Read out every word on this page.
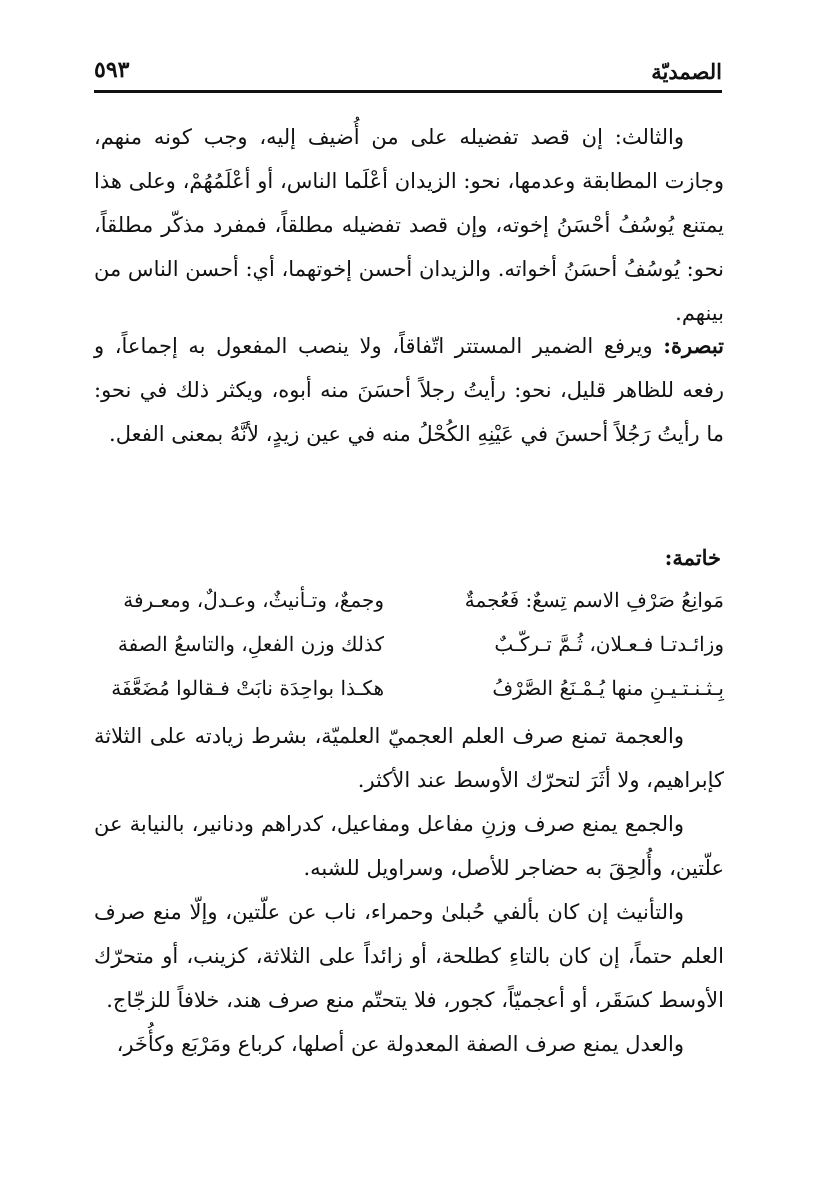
الصمديّة
٥٩٣

والثالث: إن قصد تفضيله على من أُضيف إليه، وجب كونه منهم، وجازت المطابقة وعدمها، نحو: الزيدان أعْلَما الناس، أو أعْلَمُهُمْ، وعلى هذا يمتنع يُوسُفُ أحْسَنُ إخوته، وإن قصد تفضيله مطلقاً، فمفرد مذكّر مطلقاً، نحو: يُوسُفُ أحسَنُ أخواته. والزيدان أحسن إخوتهما، أي: أحسن الناس من بينهم.

تبصرة: ويرفع الضمير المستتر اتّفاقاً، ولا ينصب المفعول به إجماعاً، و رفعه للظاهر قليل، نحو: رأيتُ رجلاً أحسَنَ منه أبوه، ويكثر ذلك في نحو: ما رأيتُ رَجُلاً أحسنَ في عَيْنِهِ الكُحْلُ منه في عين زيدٍ، لأنَّهُ بمعنى الفعل.

خاتمة:
مَوانِعُ صَرْفِ الاسم تِسعٌ: فَعُجمةٌ
وجمعٌ، وتـأنيثٌ، وعـدلٌ، ومعـرفة
وزائـدتـا فـعـلان، ثُـمَّ تـركّـبٌ
كذلك وزن الفعلِ، والتاسعُ الصفة
بِـثـنـتـيـنِ منها يُـمْـنَعُ الصَّرْفُ
هكـذا بواحِدَة نابَتْ فـقالوا مُضَعَّفَة

والعجمة تمنع صرف العلم العجميّ العلميّة، بشرط زيادته على الثلاثة كإبراهيم، ولا أثَرَ لتحرّك الأوسط عند الأكثر.

والجمع يمنع صرف وزنِ مفاعل ومفاعيل، كدراهم ودنانير، بالنيابة عن علّتين، وأُلحِقَ به حضاجر للأصل، وسراويل للشبه.

والتأنيث إن كان بألفي حُبلىٰ وحمراء، ناب عن علّتين، وإلّا منع صرف العلم حتماً، إن كان بالتاءِ كطلحة، أو زائداً على الثلاثة، كزينب، أو متحرّك الأوسط كسَقَر، أو أعجميّاً، كجور، فلا يتحتّم منع صرف هند، خلافاً للزجّاج.

والعدل يمنع صرف الصفة المعدولة عن أصلها، كرباع ومَرْبَع وكأُخَر،
